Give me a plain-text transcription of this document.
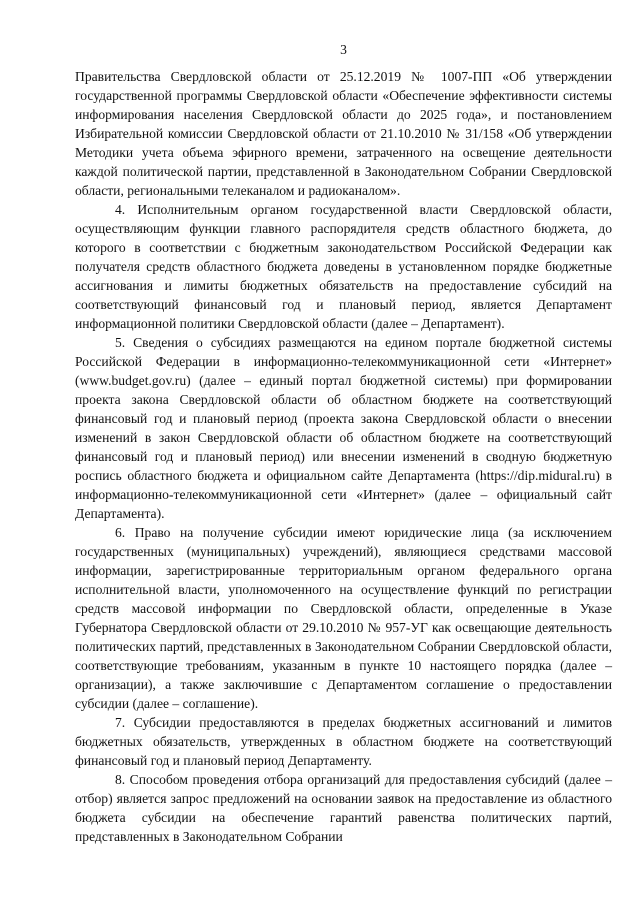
3

Правительства Свердловской области от 25.12.2019 № 1007-ПП «Об утверждении государственной программы Свердловской области «Обеспечение эффективности системы информирования населения Свердловской области до 2025 года», и постановлением Избирательной комиссии Свердловской области от 21.10.2010 № 31/158 «Об утверждении Методики учета объема эфирного времени, затраченного на освещение деятельности каждой политической партии, представленной в Законодательном Собрании Свердловской области, региональными телеканалом и радиоканалом».

4. Исполнительным органом государственной власти Свердловской области, осуществляющим функции главного распорядителя средств областного бюджета, до которого в соответствии с бюджетным законодательством Российской Федерации как получателя средств областного бюджета доведены в установленном порядке бюджетные ассигнования и лимиты бюджетных обязательств на предоставление субсидий на соответствующий финансовый год и плановый период, является Департамент информационной политики Свердловской области (далее – Департамент).

5. Сведения о субсидиях размещаются на едином портале бюджетной системы Российской Федерации в информационно-телекоммуникационной сети «Интернет» (www.budget.gov.ru) (далее – единый портал бюджетной системы) при формировании проекта закона Свердловской области об областном бюджете на соответствующий финансовый год и плановый период (проекта закона Свердловской области о внесении изменений в закон Свердловской области об областном бюджете на соответствующий финансовый год и плановый период) или внесении изменений в сводную бюджетную роспись областного бюджета и официальном сайте Департамента (https://dip.midural.ru) в информационно-телекоммуникационной сети «Интернет» (далее – официальный сайт Департамента).

6. Право на получение субсидии имеют юридические лица (за исключением государственных (муниципальных) учреждений), являющиеся средствами массовой информации, зарегистрированные территориальным органом федерального органа исполнительной власти, уполномоченного на осуществление функций по регистрации средств массовой информации по Свердловской области, определенные в Указе Губернатора Свердловской области от 29.10.2010 № 957-УГ как освещающие деятельность политических партий, представленных в Законодательном Собрании Свердловской области, соответствующие требованиям, указанным в пункте 10 настоящего порядка (далее – организации), а также заключившие с Департаментом соглашение о предоставлении субсидии (далее – соглашение).

7. Субсидии предоставляются в пределах бюджетных ассигнований и лимитов бюджетных обязательств, утвержденных в областном бюджете на соответствующий финансовый год и плановый период Департаменту.

8. Способом проведения отбора организаций для предоставления субсидий (далее – отбор) является запрос предложений на основании заявок на предоставление из областного бюджета субсидии на обеспечение гарантий равенства политических партий, представленных в Законодательном Собрании
